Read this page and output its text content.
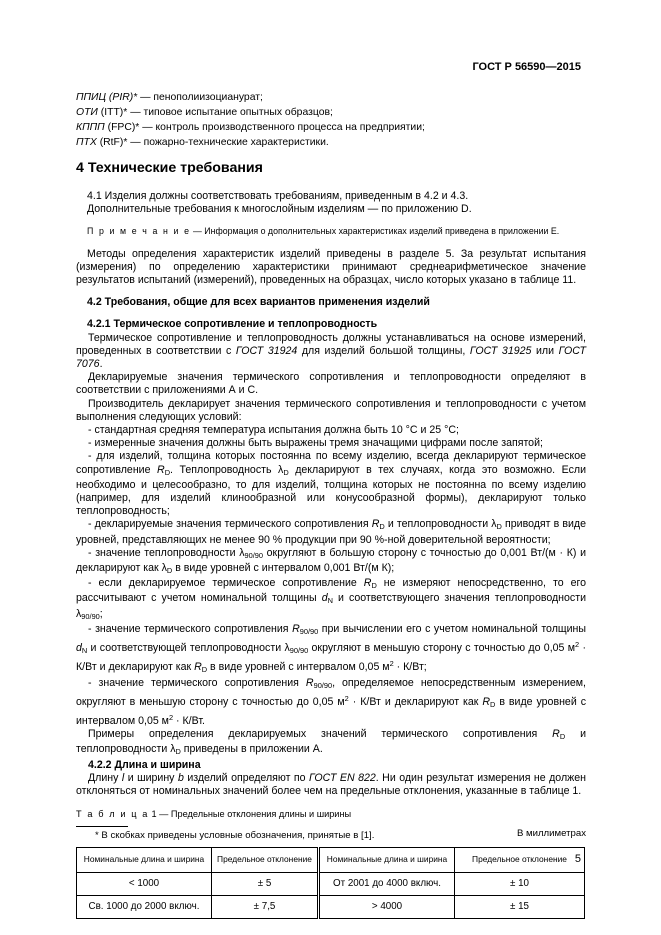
ГОСТ Р 56590—2015

ППИЦ (PIR)* — пенополиизоцианурат;

ОТИ (ITT)* — типовое испытание опытных образцов;

КППП (FPC)* — контроль производственного процесса на предприятии;

ПТХ (RtF)* — пожарно-технические характеристики.

4 Технические требования

4.1 Изделия должны соответствовать требованиям, приведенным в 4.2 и 4.3.

Дополнительные требования к многослойным изделиям — по приложению D.

П р и м е ч а н и е — Информация о дополнительных характеристиках изделий приведена в приложении Е.

Методы определения характеристик изделий приведены в разделе 5. За результат испытания (измерения) по определению характеристики принимают среднеарифметическое значение результатов испытаний (измерений), проведенных на образцах, число которых указано в таблице 11.

4.2 Требования, общие для всех вариантов применения изделий

4.2.1 Термическое сопротивление и теплопроводность

Термическое сопротивление и теплопроводность должны устанавливаться на основе измерений, проведенных в соответствии с ГОСТ 31924 для изделий большой толщины, ГОСТ 31925 или ГОСТ 7076.

Декларируемые значения термического сопротивления и теплопроводности определяют в соответствии с приложениями А и С.

Производитель декларирует значения термического сопротивления и теплопроводности с учетом выполнения следующих условий:

- стандартная средняя температура испытания должна быть 10 °С и 25 °С;

- измеренные значения должны быть выражены тремя значащими цифрами после запятой;

- для изделий, толщина которых постоянна по всему изделию, всегда декларируют термическое сопротивление $R_D$. Теплопроводность $\lambda_D$ декларируют в тех случаях, когда это возможно. Если необходимо и целесообразно, то для изделий, толщина которых не постоянна по всему изделию (например, для изделий клинообразной или конусообразной формы), декларируют только теплопроводность;

- декларируемые значения термического сопротивления $R_D$ и теплопроводности $\lambda_D$ приводят в виде уровней, представляющих не менее 90 % продукции при 90 %-ной доверительной вероятности;

- значение теплопроводности $\lambda_{90/90}$ округляют в большую сторону с точностью до 0,001 Вт/(м · К) и декларируют как $\lambda_D$ в виде уровней с интервалом 0,001 Вт/(м К);

- если декларируемое термическое сопротивление $R_D$ не измеряют непосредственно, то его рассчитывают с учетом номинальной толщины $d_N$ и соответствующего значения теплопроводности $\lambda_{90/90}$;

- значение термического сопротивления $R_{90/90}$ при вычислении его с учетом номинальной толщины $d_N$ и соответствующей теплопроводности $\lambda_{90/90}$ округляют в меньшую сторону с точностью до 0,05 $м^2 \cdot К/Вт$ и декларируют как $R_D$ в виде уровней с интервалом 0,05 $м^2 \cdot К/Вт$;

- значение термического сопротивления $R_{90/90}$, определяемое непосредственным измерением, округляют в меньшую сторону с точностью до 0,05 $м^2 \cdot К/Вт$ и декларируют как $R_D$ в виде уровней с интервалом 0,05 $м^2 \cdot К/Вт$.

Примеры определения декларируемых значений термического сопротивления $R_D$ и теплопроводности $\lambda_D$ приведены в приложении А.

4.2.2 Длина и ширина

Длину l и ширину b изделий определяют по ГОСТ EN 822. Ни один результат измерения не должен отклоняться от номинальных значений более чем на предельные отклонения, указанные в таблице 1.

Т а б л и ц а 1 — Предельные отклонения длины и ширины

В миллиметрах

Номинальные длина и ширина	Предельное отклонение	Номинальные длина и ширина	Предельное отклонение
< 1000	± 5	От 2001 до 4000 включ.	± 10
Св. 1000 до 2000 включ.	± 7,5	> 4000	± 15
* В скобках приведены условные обозначения, принятые в [1].
5
